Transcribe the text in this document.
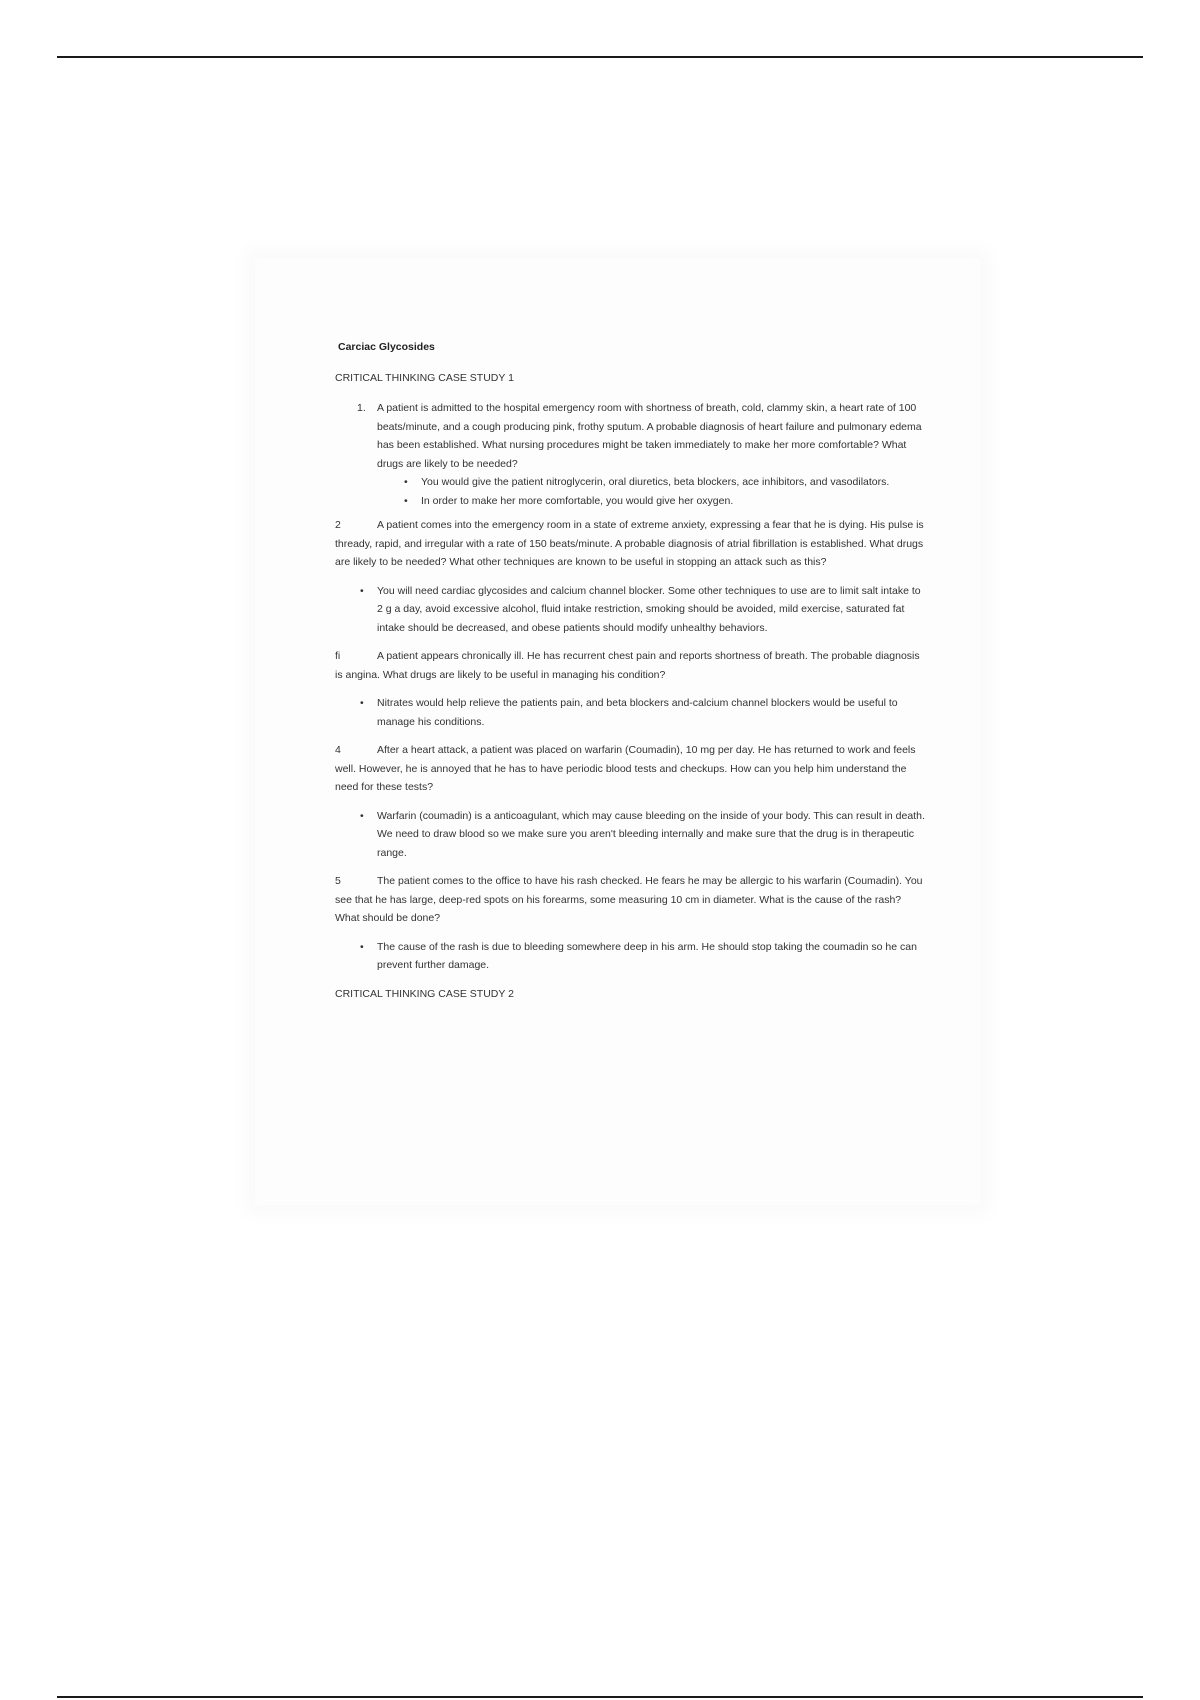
Carciac Glycosides
CRITICAL THINKING CASE STUDY 1
1.	A patient is admitted to the hospital emergency room with shortness of breath, cold, clammy skin, a heart rate of 100 beats/minute, and a cough producing pink, frothy sputum. A probable diagnosis of heart failure and pulmonary edema has been established. What nursing procedures might be taken immediately to make her more comfortable? What drugs are likely to be needed?
• You would give the patient nitroglycerin, oral diuretics, beta blockers, ace inhibitors, and vasodilators.
• In order to make her more comfortable, you would give her oxygen.
2	A patient comes into the emergency room in a state of extreme anxiety, expressing a fear that he is dying. His pulse is thready, rapid, and irregular with a rate of 150 beats/minute. A probable diagnosis of atrial fibrillation is established. What drugs are likely to be needed? What other techniques are known to be useful in stopping an attack such as this?
• You will need cardiac glycosides and calcium channel blocker. Some other techniques to use are to limit salt intake to 2 g a day, avoid excessive alcohol, fluid intake restriction, smoking should be avoided, mild exercise, saturated fat intake should be decreased, and obese patients should modify unhealthy behaviors.
fi	A patient appears chronically ill. He has recurrent chest pain and reports shortness of breath. The probable diagnosis is angina. What drugs are likely to be useful in managing his condition?
• Nitrates would help relieve the patients pain, and beta blockers and-calcium channel blockers would be useful to manage his conditions.
4	After a heart attack, a patient was placed on warfarin (Coumadin), 10 mg per day. He has returned to work and feels well. However, he is annoyed that he has to have periodic blood tests and checkups. How can you help him understand the need for these tests?
• Warfarin (coumadin) is a anticoagulant, which may cause bleeding on the inside of your body. This can result in death. We need to draw blood so we make sure you aren't bleeding internally and make sure that the drug is in therapeutic range.
5	The patient comes to the office to have his rash checked. He fears he may be allergic to his warfarin (Coumadin). You see that he has large, deep-red spots on his forearms, some measuring 10 cm in diameter. What is the cause of the rash? What should be done?
• The cause of the rash is due to bleeding somewhere deep in his arm. He should stop taking the coumadin so he can prevent further damage.
CRITICAL THINKING CASE STUDY 2
